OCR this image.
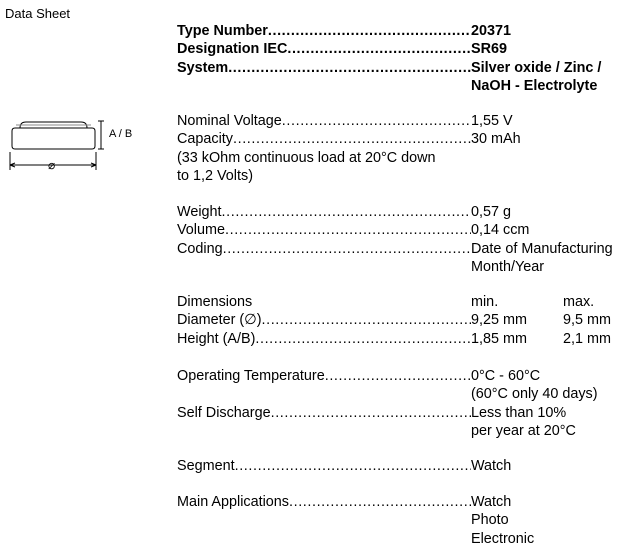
Data Sheet
A / B
⌀
Type Number .....	20371
Designation IEC .....	SR69
System .....	Silver oxide / Zinc /
NaOH - Electrolyte
Nominal Voltage .....	1,55 V
Capacity .....	30 mAh
(33 kOhm continuous load at 20°C down
to 1,2 Volts)
Weight .....	0,57 g
Volume .....	0,14 ccm
Coding .....	Date of Manufacturing
Month/Year
Dimensions	min.	max.
Diameter (∅) .....	9,25 mm	9,5 mm
Height (A/B) .....	1,85 mm	2,1 mm
Operating Temperature .....	0°C - 60°C
(60°C only 40 days)
Self Discharge .....	Less than 10%
per year at 20°C
Segment .....	Watch
Main Applications .....	Watch
Photo
Electronic
